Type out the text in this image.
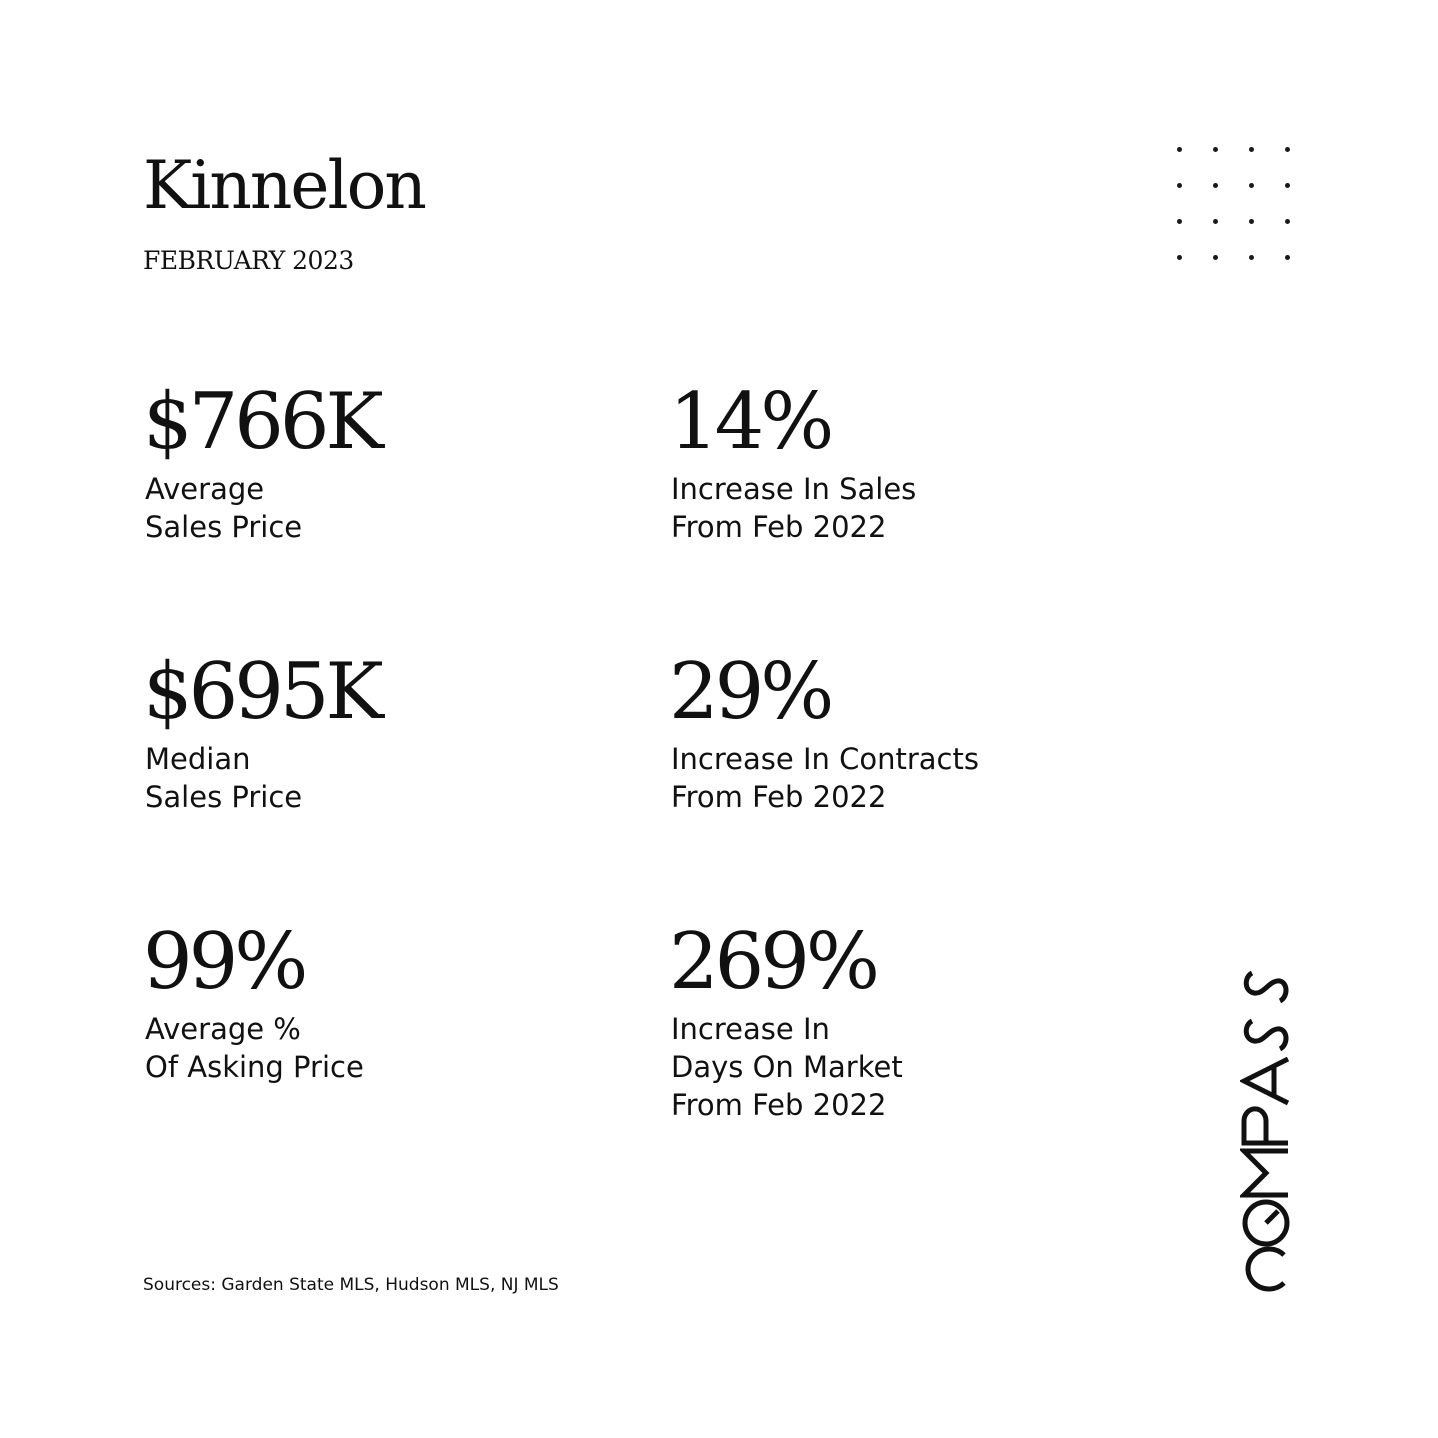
Kinnelon
FEBRUARY 2023
$766K
Average
Sales Price
14%
Increase In Sales
From Feb 2022
$695K
Median
Sales Price
29%
Increase In Contracts
From Feb 2022
99%
Average %
Of Asking Price
269%
Increase In
Days On Market
From Feb 2022
Sources: Garden State MLS, Hudson MLS, NJ MLS
